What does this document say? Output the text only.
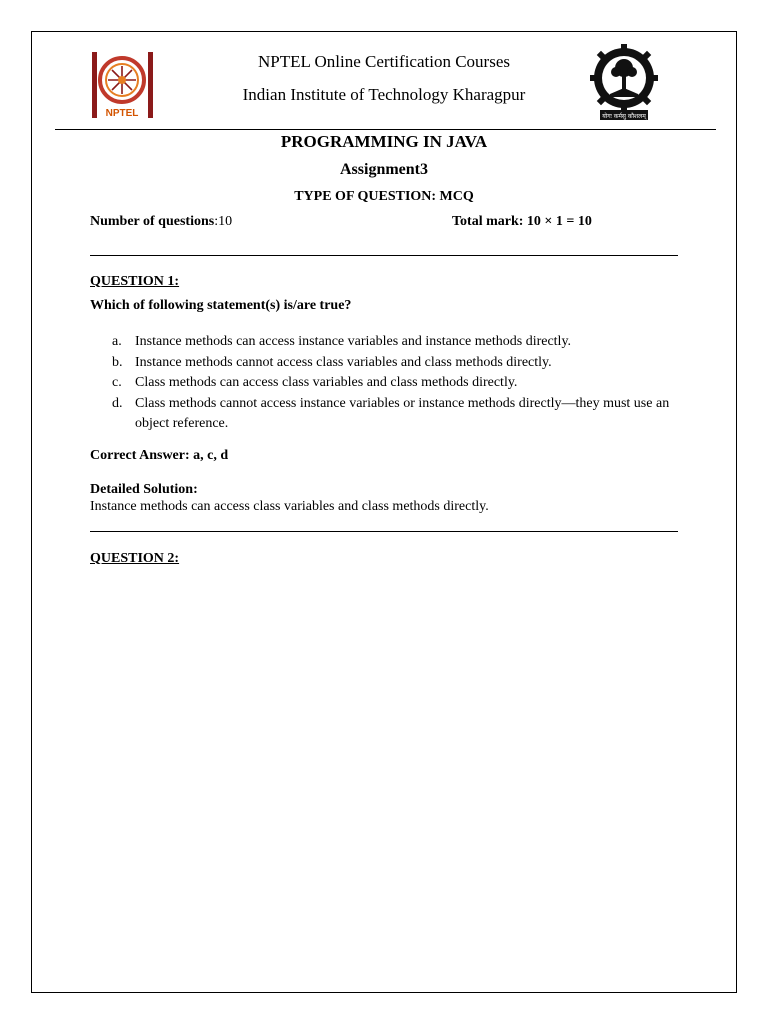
NPTEL	योगः कर्मसु कौशलम्
NPTEL Online Certification Courses
Indian Institute of Technology Kharagpur
PROGRAMMING IN JAVA
Assignment3
TYPE OF QUESTION: MCQ
Number of questions:10	Total mark: 10 × 1 = 10
QUESTION 1:
Which of following statement(s) is/are true?
a. Instance methods can access instance variables and instance methods directly.
b. Instance methods cannot access class variables and class methods directly.
c. Class methods can access class variables and class methods directly.
d. Class methods cannot access instance variables or instance methods directly—they must use an object reference.
Correct Answer: a, c, d
Detailed Solution:
Instance methods can access class variables and class methods directly.
QUESTION 2:
